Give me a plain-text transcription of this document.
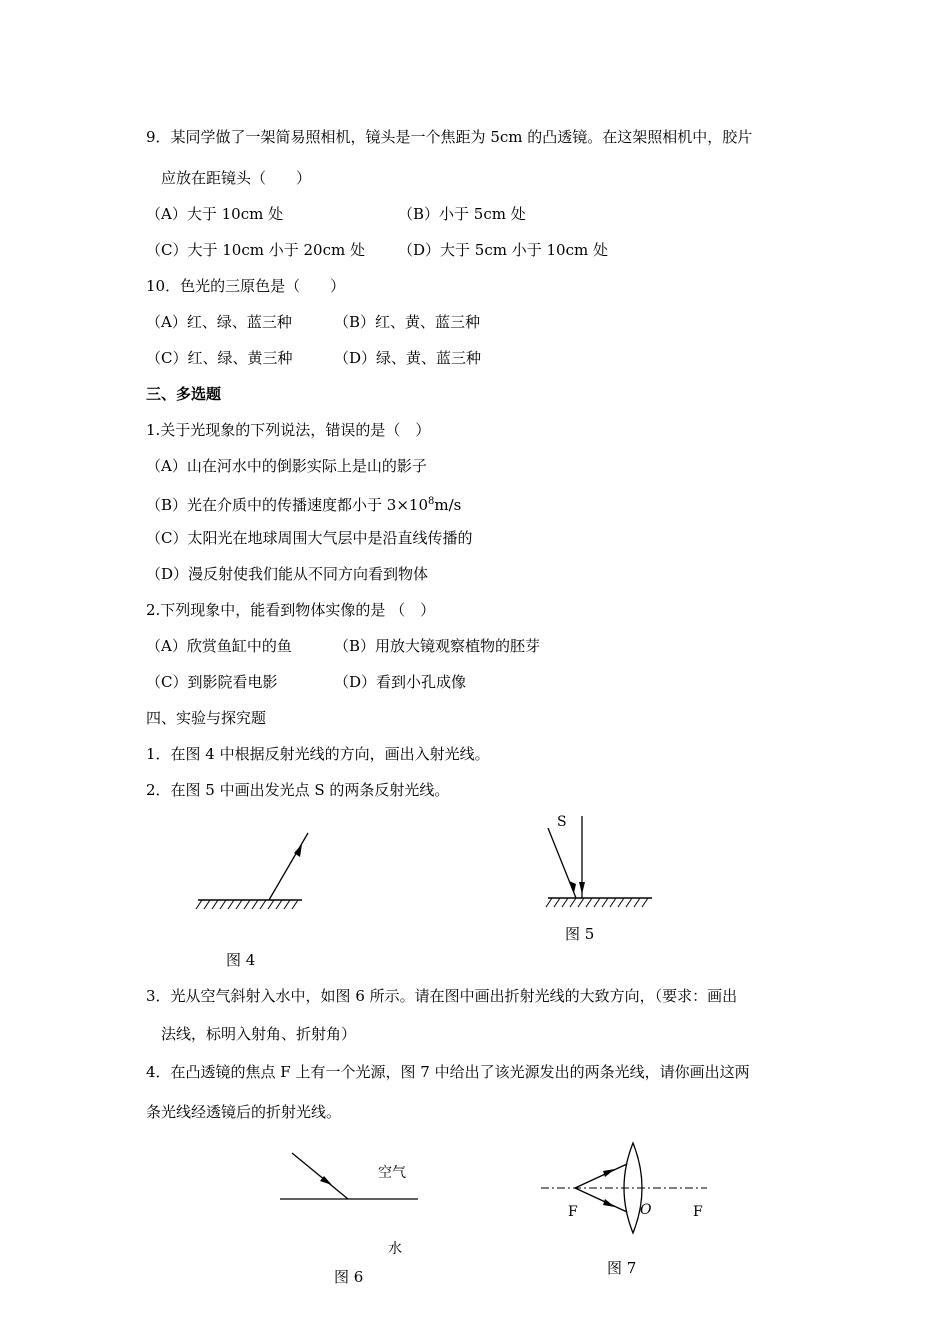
9．某同学做了一架简易照相机，镜头是一个焦距为 5cm 的凸透镜。在这架照相机中，胶片
应放在距镜头（　　）
（A）大于 10cm 处	（B）小于 5cm 处
（C）大于 10cm 小于 20cm 处 （D）大于 5cm 小于 10cm 处
10．色光的三原色是（　　）
（A）红、绿、蓝三种	（B）红、黄、蓝三种
（C）红、绿、黄三种	（D）绿、黄、蓝三种
三、多选题
1.关于光现象的下列说法，错误的是（　）
（A）山在河水中的倒影实际上是山的影子
（B）光在介质中的传播速度都小于 $3\times 10^8m/s$
（C）太阳光在地球周围大气层中是沿直线传播的
（D）漫反射使我们能从不同方向看到物体
2.下列现象中，能看到物体实像的是 （　）
（A）欣赏鱼缸中的鱼	（B）用放大镜观察植物的胚芽
（C）到影院看电影	（D）看到小孔成像
四、实验与探究题
1．在图 4 中根据反射光线的方向，画出入射光线。
2．在图 5 中画出发光点 S 的两条反射光线。
图 4
S
图 5
3．光从空气斜射入水中，如图 6 所示。请在图中画出折射光线的大致方向，（要求：画出
法线，标明入射角、折射角）
4．在凸透镜的焦点 F 上有一个光源，图 7 中给出了该光源发出的两条光线，请你画出这两
条光线经透镜后的折射光线。
空气
水
图 6
F	O	F
图 7
